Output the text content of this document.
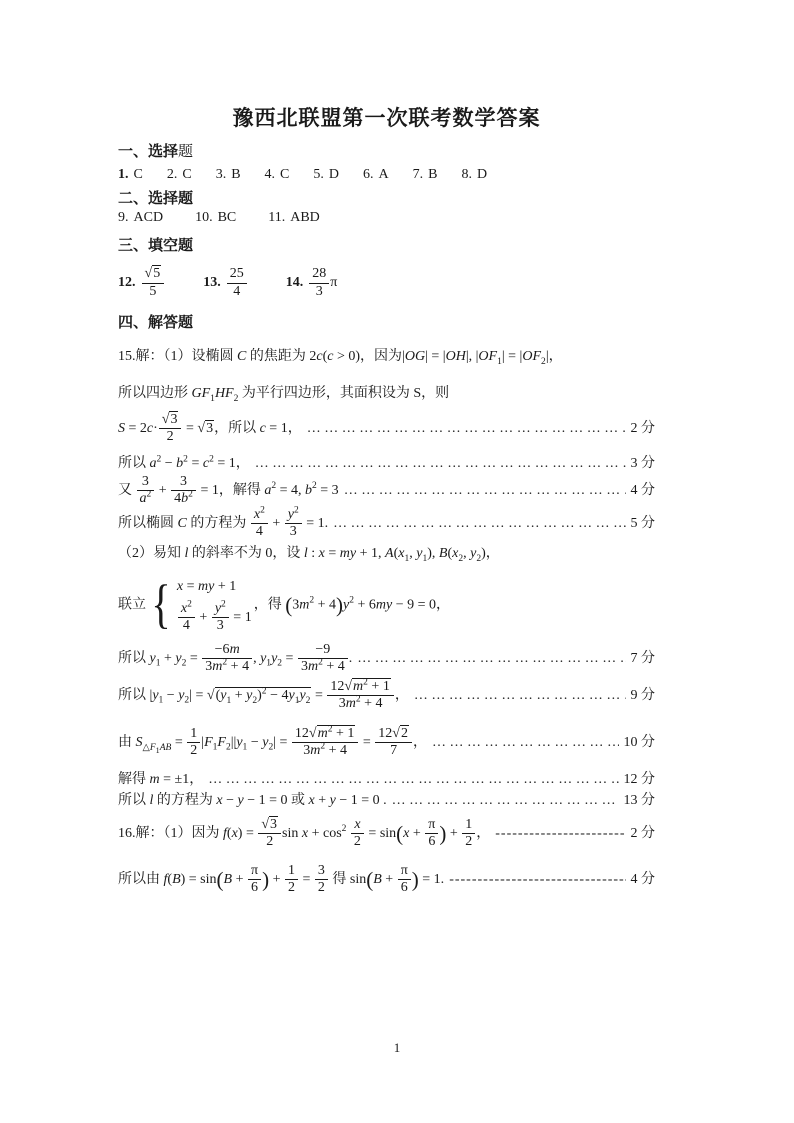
豫西北联盟第一次联考数学答案
一、选择题
1. C 2. C 3. B 4. C 5. D 6. A 7. B 8. D
二、选择题
9. ACD 10. BC 11. ABD
三、填空题
12. $\frac{√5}{5}$	13. $\frac{25}{4}$	14. $\frac{28}{3}$ π
四、解答题
15.解：（1）设椭圆 C 的焦距为 2c(c > 0)，因为|OG| = |OH|, $|OF_1| = |OF_2|$，
所以四边形 $GF_1HF_2$ 为平行四边形，其面积设为 S，则
$S = 2c\cdot \frac{√3}{2} = √3$，所以 c = 1， … … … … … … … … … … … … … … … … … … … … … … … … … … … … … … … … … … …	2 分
所以 $a^2 - b^2 = c^2 = 1$， … … … … … … … … … … … … … … … … … … … … … … … … … … … … … … … … … … …	3 分
又 $\frac{3}{a^2} + \frac{3}{4b^2} = 1$，解得 $a^2 = 4$, $b^2 = 3$ … … … … … … … … … … … … … … … … … … … … … … … … … … … … … … … … … … …	4 分
所以椭圆 C 的方程为 $\frac{x^2}{4} + \frac{y^2}{3} = 1$. … … … … … … … … … … … … … … … … … … … … … … … … … … … … … … … … … … …	5 分
（2）易知 l 的斜率不为 0，设 l : x = my + 1, $A(x_1$, $y_1$), $B(x_2$, $y_2$)，
联立 { x = my + 1
$\frac{x^2}{4} + \frac{y^2}{3} = 1$
，得 $(3m^2 + 4)y^2 + 6my - 9 = 0$，
所以 $y_1 + y_2 = \frac{-6m}{3m^2 + 4}$ , $y_1y_2 = \frac{-9}{3m^2 + 4}$ . … … … … … … … … … … … … … … … … … … … … … … … … … … … … … … … … … … …	7 分
所以 $|y_1 - y_2| = √(y_1 + y_2)^2 - 4y_1y_2 = \frac{12√m^2 + 1}{3m^2 + 4}$ ， … … … … … … … … … … … … … … … … … … … … … … … … … … … … … … … … … … …	9 分
由 $S_{\triangle F_1AB} = \frac{1}{2} |F_1F_2||y_1 - y_2| = \frac{12√m^2 + 1}{3m^2 + 4} = \frac{12√2}{7}$ ， … … … … … … … … … … … … … … … … … … … … … … … … … … … … … … … … … … …	10 分
解得 m = ±1， … … … … … … … … … … … … … … … … … … … … … … … … … … … … … … … … … … …	12 分
所以 l 的方程为 x − y − 1 = 0 或 x + y − 1 = 0 . … … … … … … … … … … … … … … … … … … … … … … … … … … … … … … … … … … …	13 分
16.解：（1）因为 $f(x) = \frac{√3}{2}$ $\sin x + \cos^2 \frac{x}{2} = \sin(x + \frac{\pi}{6}$ ) + $\frac{1}{2}$ ， -----	2 分
所以由 $f(B) = \sin(B + \frac{\pi}{6}$ ) + $\frac{1}{2} = \frac{3}{2}$ 得 $\sin(B + \frac{\pi}{6}$ ) = 1. -----	4 分
1
